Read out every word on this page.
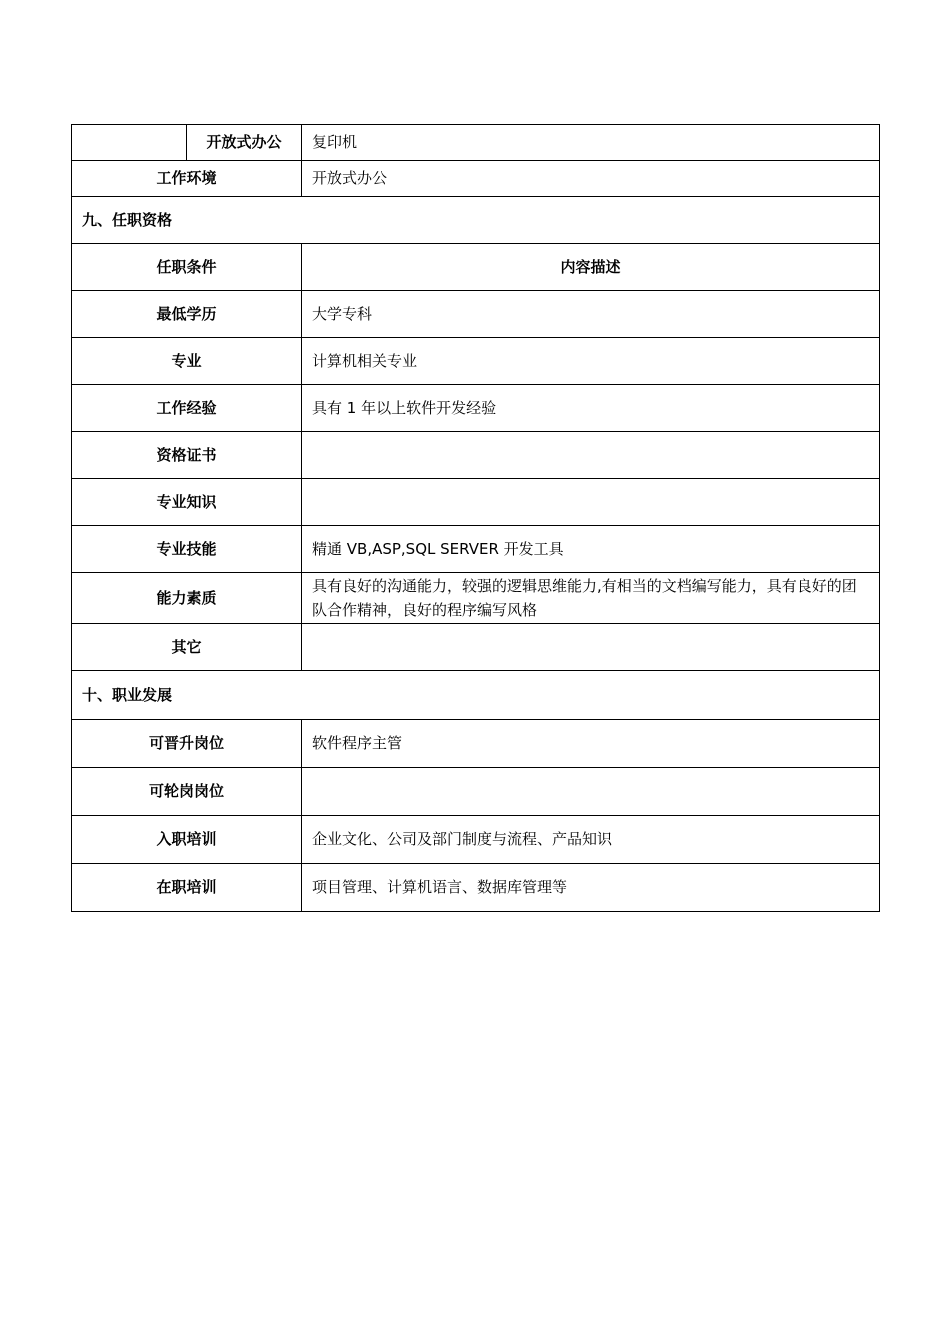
	开放式办公	复印机
工作环境		开放式办公
九、任职资格		
任职条件		内容描述
最低学历		大学专科
专业		计算机相关专业
工作经验		具有 1 年以上软件开发经验
资格证书		
专业知识		
专业技能		精通 VB,ASP,SQL SERVER 开发工具
能力素质		具有良好的沟通能力，较强的逻辑思维能力,有相当的文档编写能力，具有良好的团队合作精神，良好的程序编写风格
其它		
十、职业发展		
可晋升岗位		软件程序主管
可轮岗岗位		
入职培训		企业文化、公司及部门制度与流程、产品知识
在职培训		项目管理、计算机语言、数据库管理等
